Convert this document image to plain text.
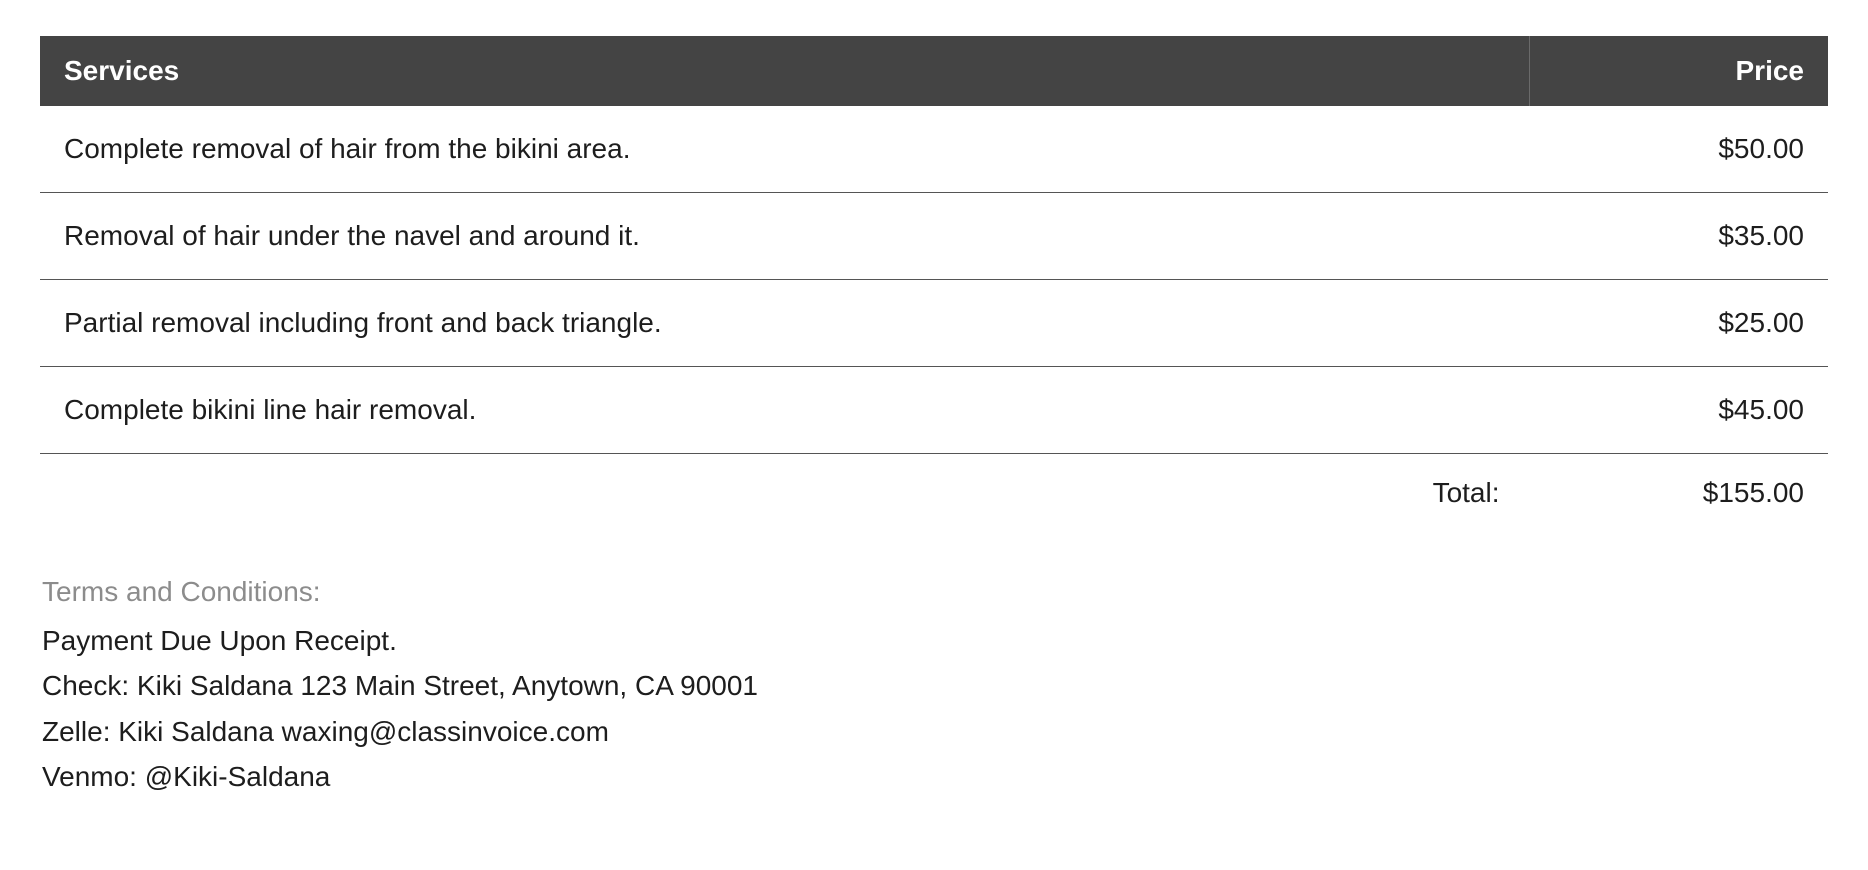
Services	Price
Complete removal of hair from the bikini area.	$50.00
Removal of hair under the navel and around it.	$35.00
Partial removal including front and back triangle.	$25.00
Complete bikini line hair removal.	$45.00
Total:	$155.00
Terms and Conditions:
Payment Due Upon Receipt.
Check: Kiki Saldana 123 Main Street, Anytown, CA 90001
Zelle: Kiki Saldana waxing@classinvoice.com
Venmo: @Kiki-Saldana
